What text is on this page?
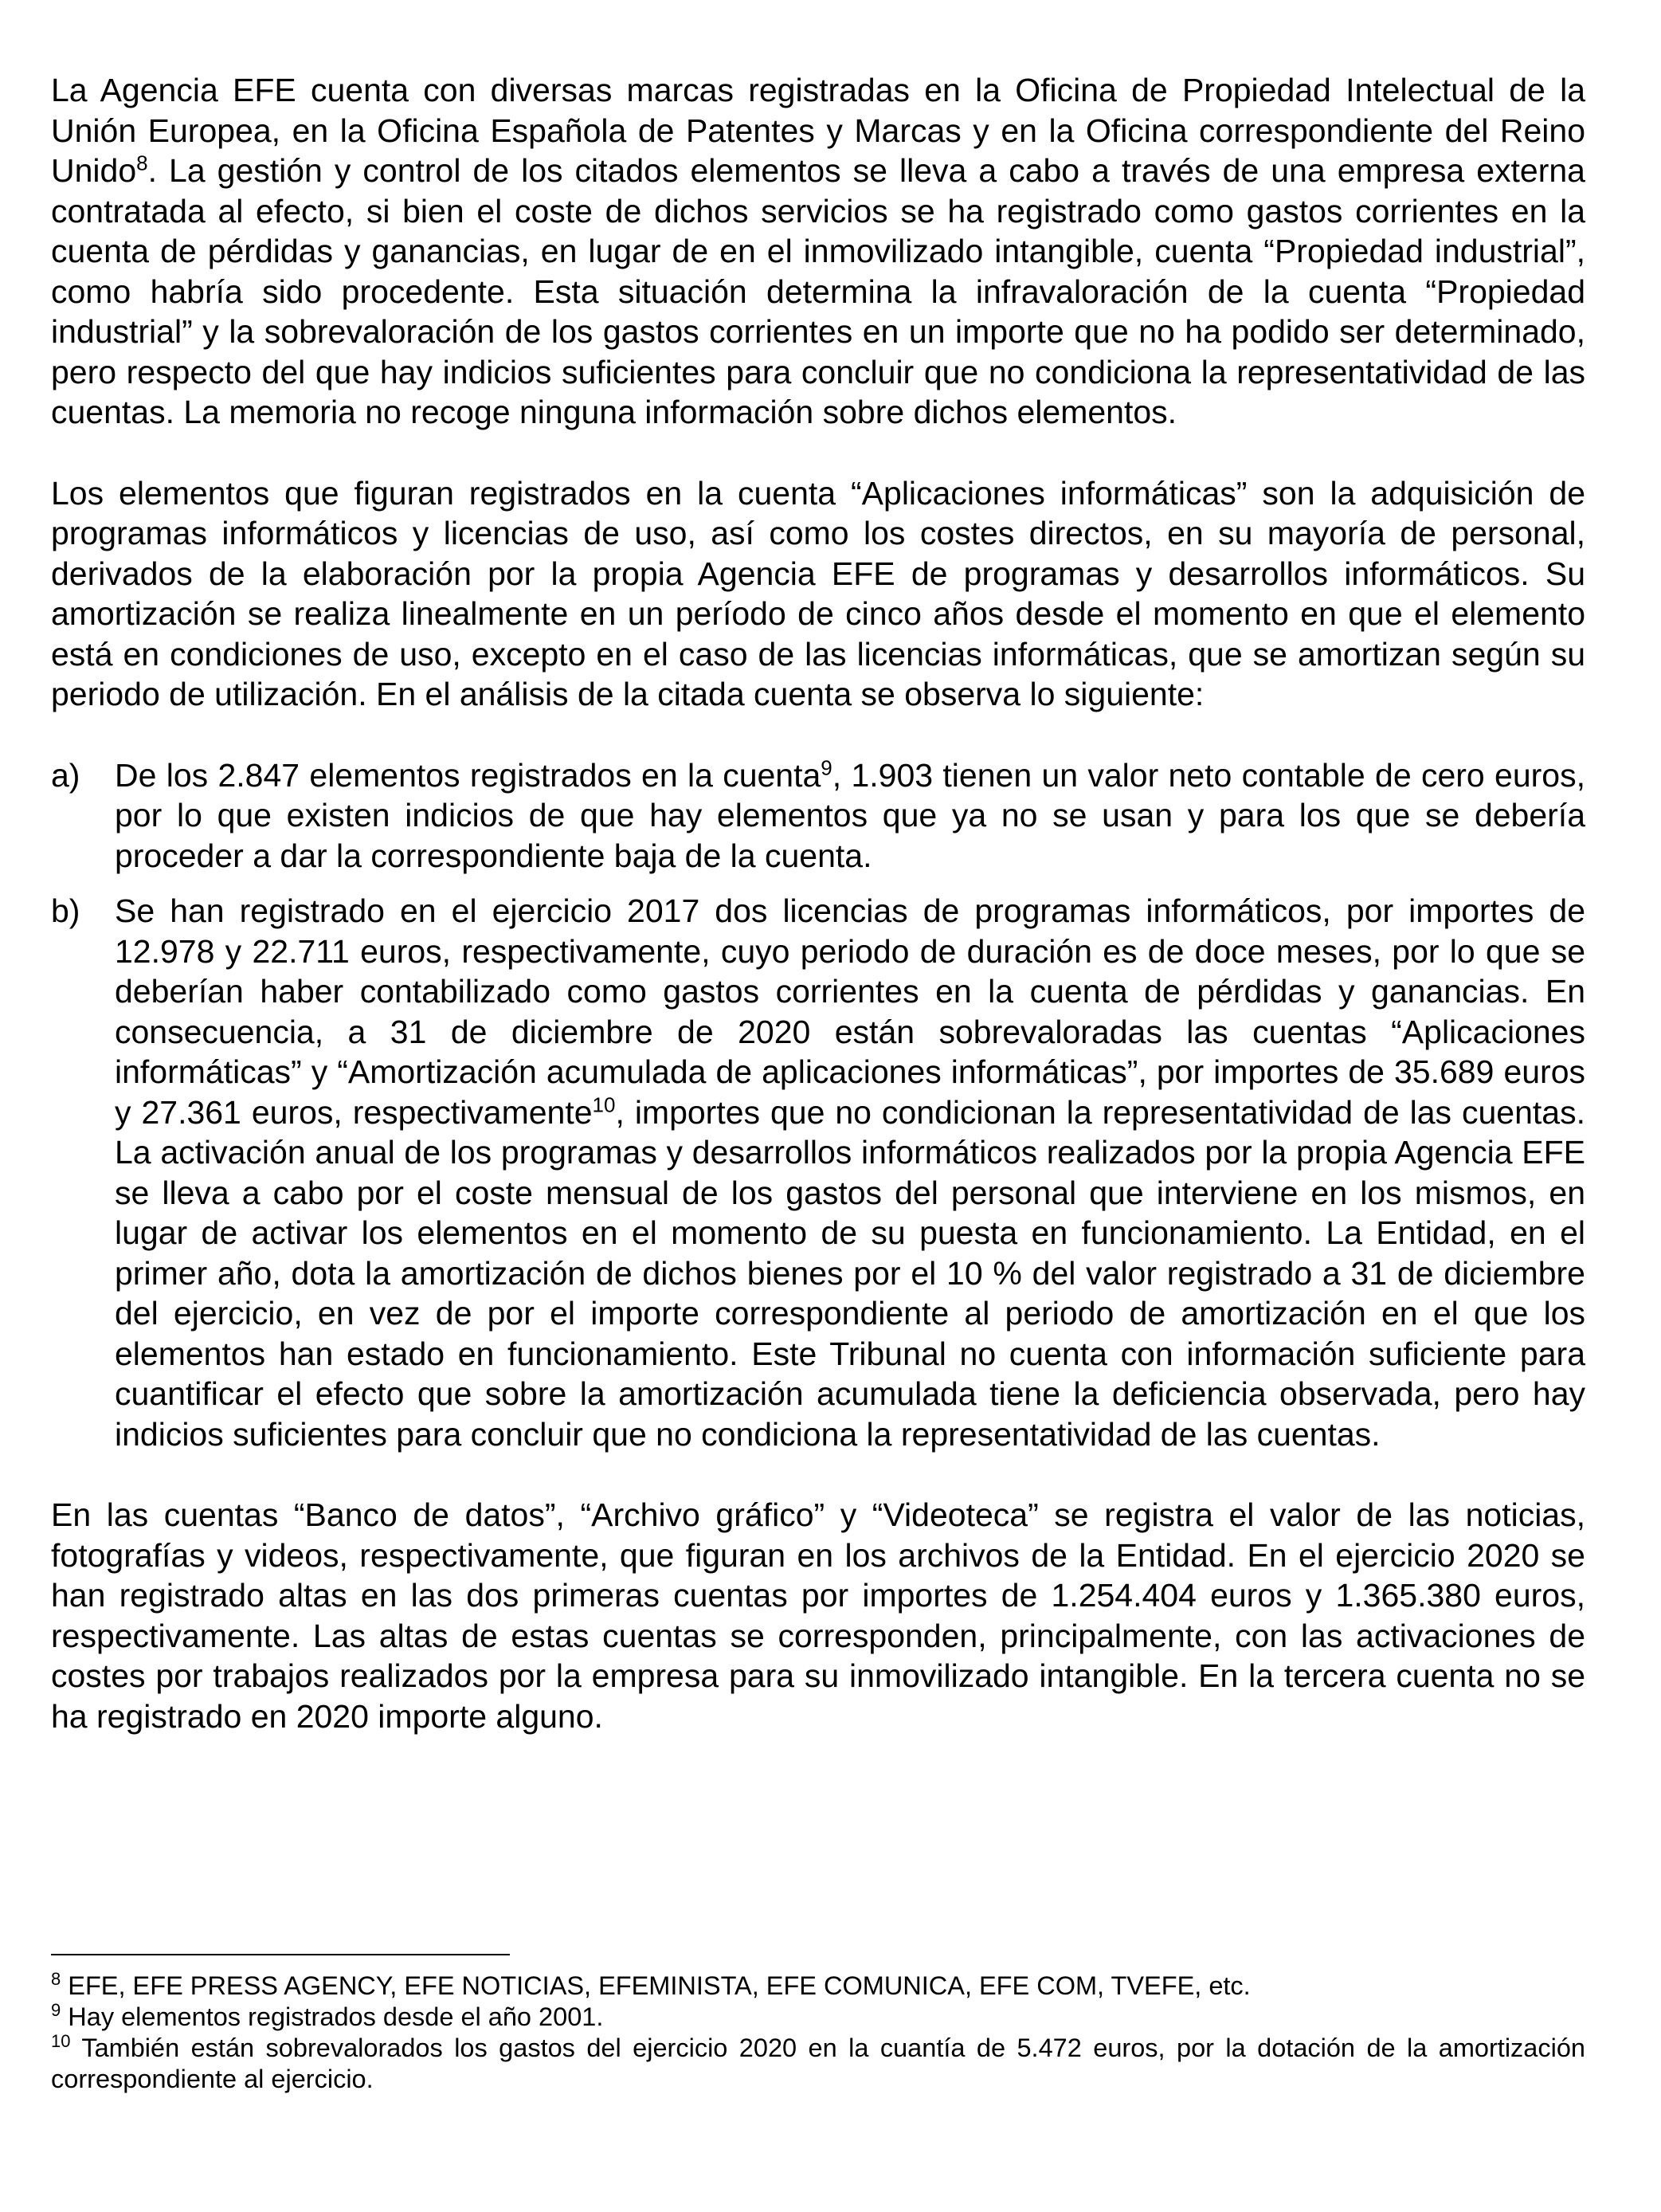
La Agencia EFE cuenta con diversas marcas registradas en la Oficina de Propiedad Intelectual de la Unión Europea, en la Oficina Española de Patentes y Marcas y en la Oficina correspondiente del Reino Unido$^8$. La gestión y control de los citados elementos se lleva a cabo a través de una empresa externa contratada al efecto, si bien el coste de dichos servicios se ha registrado como gastos corrientes en la cuenta de pérdidas y ganancias, en lugar de en el inmovilizado intangible, cuenta “Propiedad industrial”, como habría sido procedente. Esta situación determina la infravaloración de la cuenta “Propiedad industrial” y la sobrevaloración de los gastos corrientes en un importe que no ha podido ser determinado, pero respecto del que hay indicios suficientes para concluir que no condiciona la representatividad de las cuentas. La memoria no recoge ninguna información sobre dichos elementos.

Los elementos que figuran registrados en la cuenta “Aplicaciones informáticas” son la adquisición de programas informáticos y licencias de uso, así como los costes directos, en su mayoría de personal, derivados de la elaboración por la propia Agencia EFE de programas y desarrollos informáticos. Su amortización se realiza linealmente en un período de cinco años desde el momento en que el elemento está en condiciones de uso, excepto en el caso de las licencias informáticas, que se amortizan según su periodo de utilización. En el análisis de la citada cuenta se observa lo siguiente:

a) De los 2.847 elementos registrados en la cuenta$^9$, 1.903 tienen un valor neto contable de cero euros, por lo que existen indicios de que hay elementos que ya no se usan y para los que se debería proceder a dar la correspondiente baja de la cuenta.
b) Se han registrado en el ejercicio 2017 dos licencias de programas informáticos, por importes de 12.978 y 22.711 euros, respectivamente, cuyo periodo de duración es de doce meses, por lo que se deberían haber contabilizado como gastos corrientes en la cuenta de pérdidas y ganancias. En consecuencia, a 31 de diciembre de 2020 están sobrevaloradas las cuentas “Aplicaciones informáticas” y “Amortización acumulada de aplicaciones informáticas”, por importes de 35.689 euros y 27.361 euros, respectivamente$^{10}$, importes que no condicionan la representatividad de las cuentas. La activación anual de los programas y desarrollos informáticos realizados por la propia Agencia EFE se lleva a cabo por el coste mensual de los gastos del personal que interviene en los mismos, en lugar de activar los elementos en el momento de su puesta en funcionamiento. La Entidad, en el primer año, dota la amortización de dichos bienes por el 10 % del valor registrado a 31 de diciembre del ejercicio, en vez de por el importe correspondiente al periodo de amortización en el que los elementos han estado en funcionamiento. Este Tribunal no cuenta con información suficiente para cuantificar el efecto que sobre la amortización acumulada tiene la deficiencia observada, pero hay indicios suficientes para concluir que no condiciona la representatividad de las cuentas.

En las cuentas “Banco de datos”, “Archivo gráfico” y “Videoteca” se registra el valor de las noticias, fotografías y videos, respectivamente, que figuran en los archivos de la Entidad. En el ejercicio 2020 se han registrado altas en las dos primeras cuentas por importes de 1.254.404 euros y 1.365.380 euros, respectivamente. Las altas de estas cuentas se corresponden, principalmente, con las activaciones de costes por trabajos realizados por la empresa para su inmovilizado intangible. En la tercera cuenta no se ha registrado en 2020 importe alguno.

$^8$ EFE, EFE PRESS AGENCY, EFE NOTICIAS, EFEMINISTA, EFE COMUNICA, EFE COM, TVEFE, etc.

$^9$ Hay elementos registrados desde el año 2001.

$^{10}$ También están sobrevalorados los gastos del ejercicio 2020 en la cuantía de 5.472 euros, por la dotación de la amortización correspondiente al ejercicio.
